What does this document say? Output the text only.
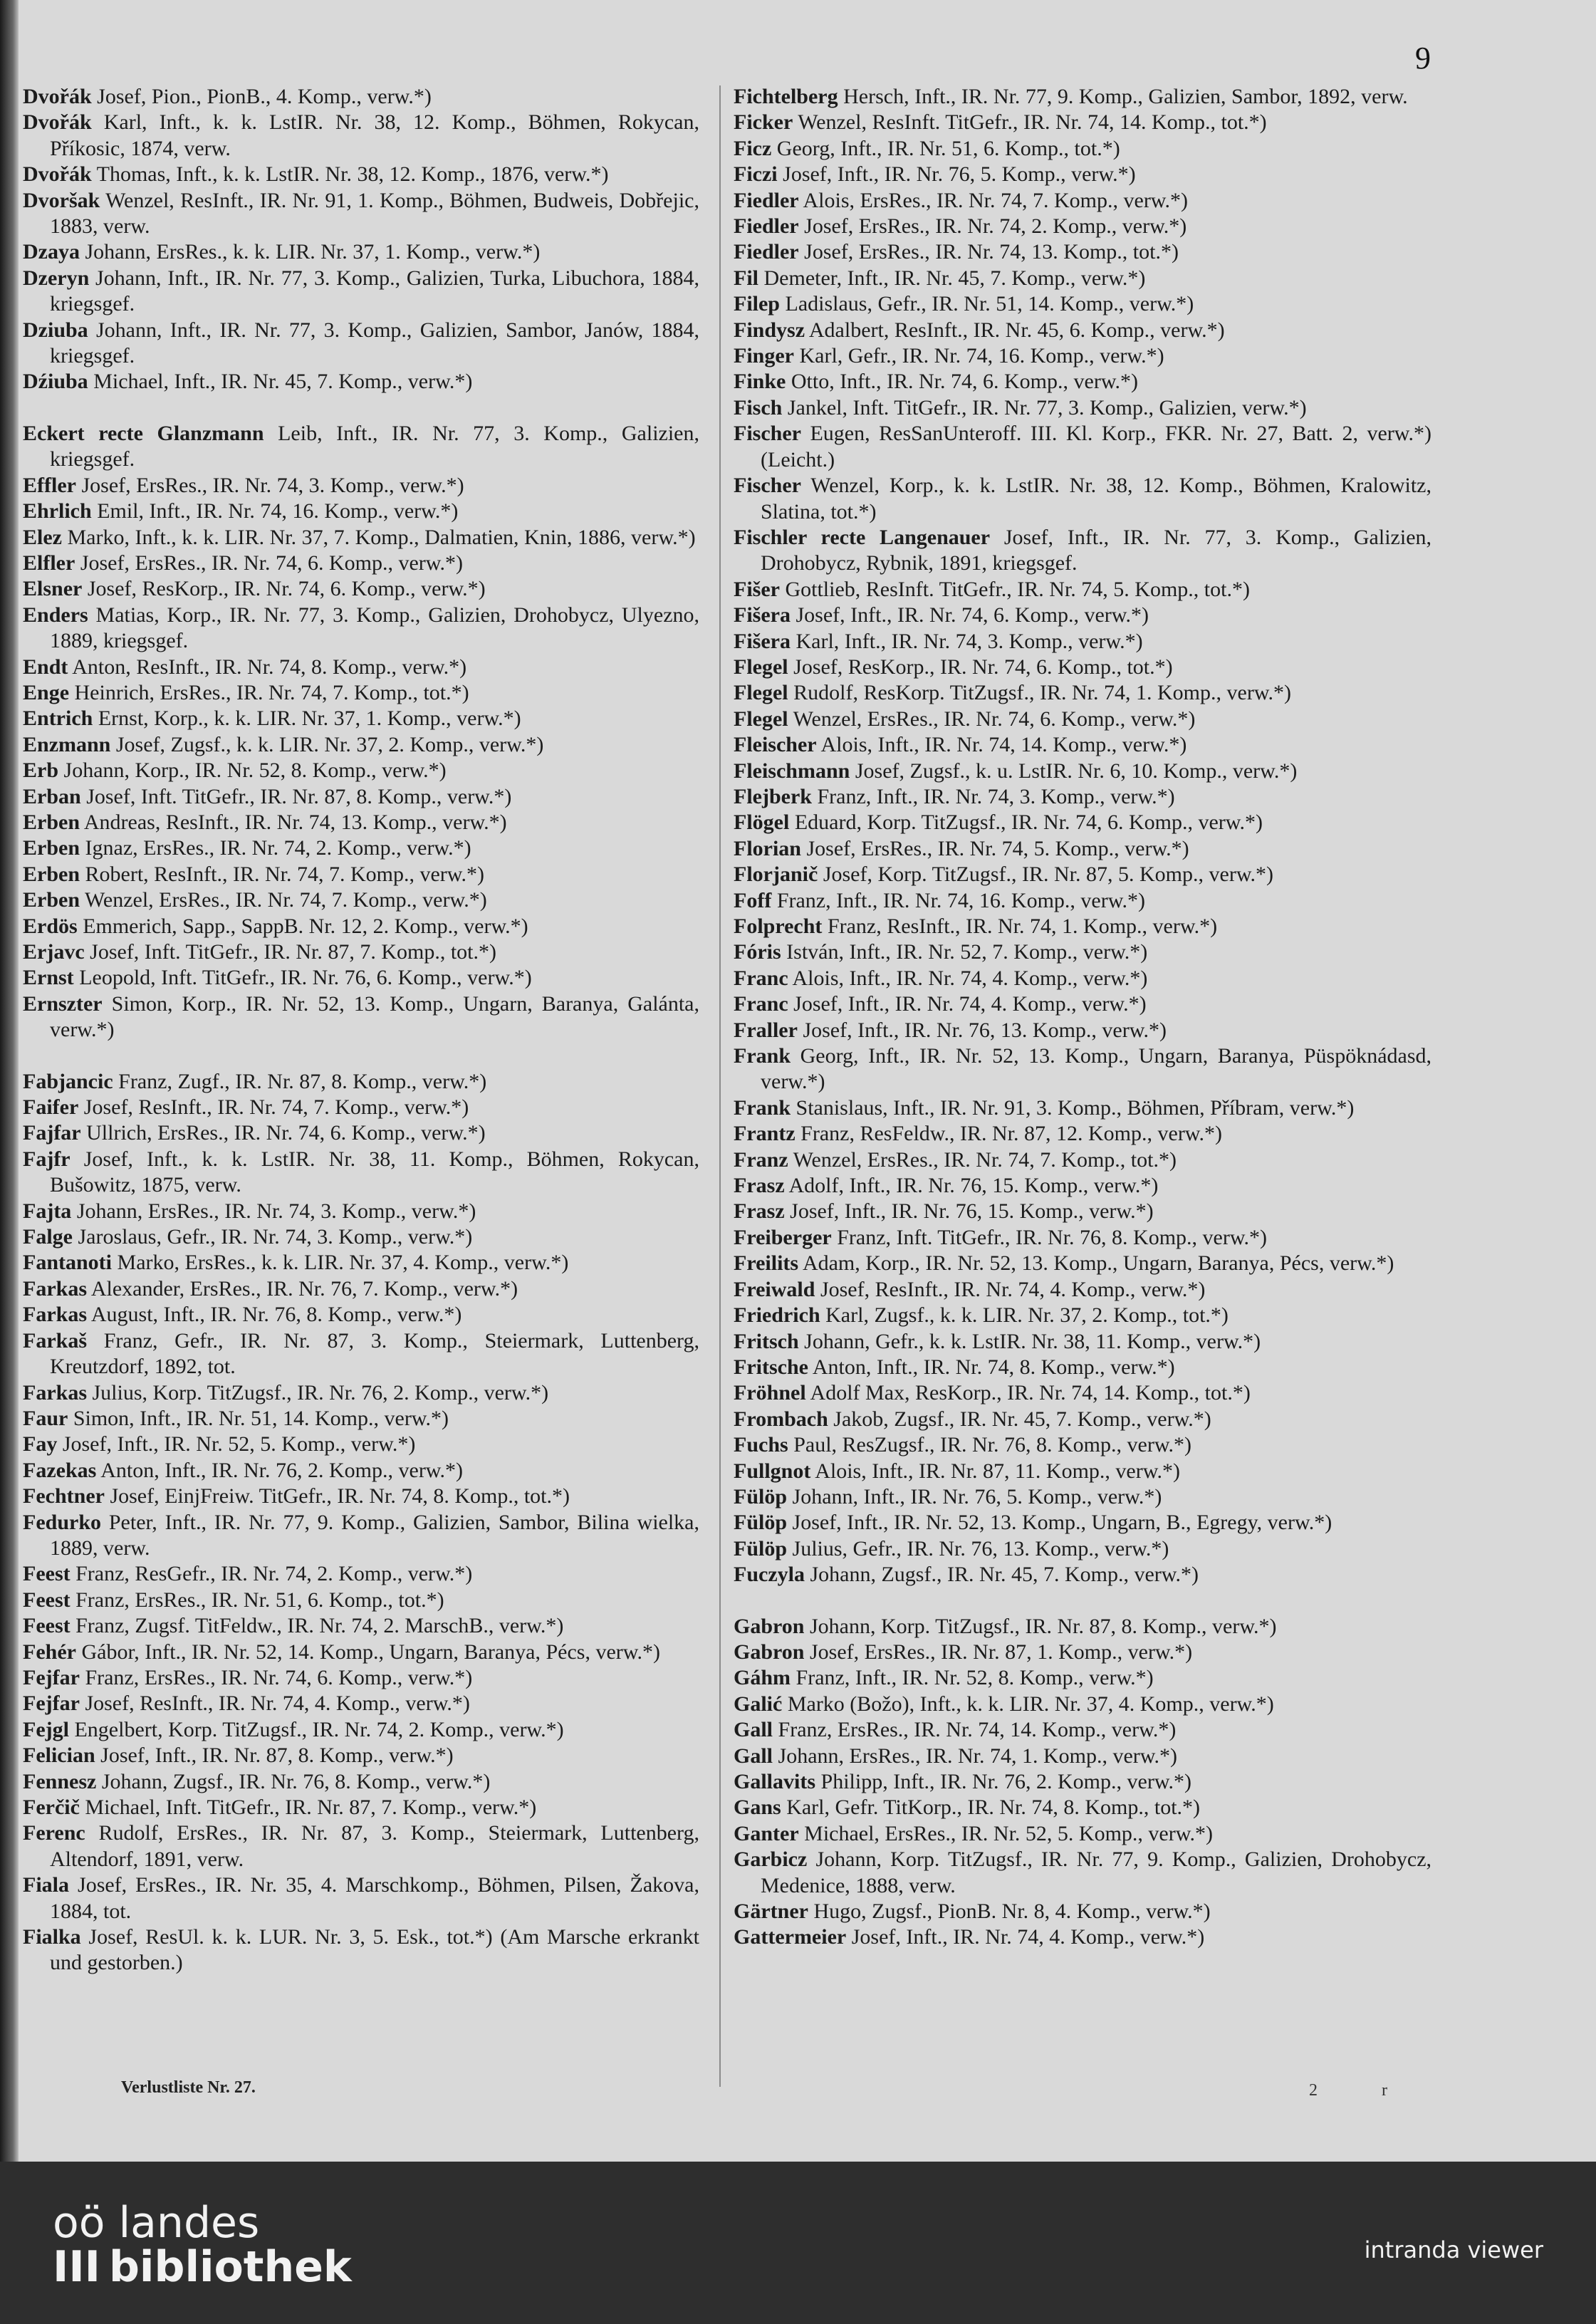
9
Dvořák Josef, Pion., PionB., 4. Komp., verw.*)
Dvořák Karl, Inft., k. k. LstIR. Nr. 38, 12. Komp., Böhmen, Rokycan, Příkosic, 1874, verw.
Dvořák Thomas, Inft., k. k. LstIR. Nr. 38, 12. Komp., 1876, verw.*)
Dvoršak Wenzel, ResInft., IR. Nr. 91, 1. Komp., Böhmen, Budweis, Dobřejic, 1883, verw.
Dzaya Johann, ErsRes., k. k. LIR. Nr. 37, 1. Komp., verw.*)
Dzeryn Johann, Inft., IR. Nr. 77, 3. Komp., Galizien, Turka, Libuchora, 1884, kriegsgef.
Dziuba Johann, Inft., IR. Nr. 77, 3. Komp., Galizien, Sambor, Janów, 1884, kriegsgef.
Dźiuba Michael, Inft., IR. Nr. 45, 7. Komp., verw.*)
Eckert recte Glanzmann Leib, Inft., IR. Nr. 77, 3. Komp., Galizien, kriegsgef.
Effler Josef, ErsRes., IR. Nr. 74, 3. Komp., verw.*)
Ehrlich Emil, Inft., IR. Nr. 74, 16. Komp., verw.*)
Elez Marko, Inft., k. k. LIR. Nr. 37, 7. Komp., Dalmatien, Knin, 1886, verw.*)
Elfler Josef, ErsRes., IR. Nr. 74, 6. Komp., verw.*)
Elsner Josef, ResKorp., IR. Nr. 74, 6. Komp., verw.*)
Enders Matias, Korp., IR. Nr. 77, 3. Komp., Galizien, Drohobycz, Ulyezno, 1889, kriegsgef.
Endt Anton, ResInft., IR. Nr. 74, 8. Komp., verw.*)
Enge Heinrich, ErsRes., IR. Nr. 74, 7. Komp., tot.*)
Entrich Ernst, Korp., k. k. LIR. Nr. 37, 1. Komp., verw.*)
Enzmann Josef, Zugsf., k. k. LIR. Nr. 37, 2. Komp., verw.*)
Erb Johann, Korp., IR. Nr. 52, 8. Komp., verw.*)
Erban Josef, Inft. TitGefr., IR. Nr. 87, 8. Komp., verw.*)
Erben Andreas, ResInft., IR. Nr. 74, 13. Komp., verw.*)
Erben Ignaz, ErsRes., IR. Nr. 74, 2. Komp., verw.*)
Erben Robert, ResInft., IR. Nr. 74, 7. Komp., verw.*)
Erben Wenzel, ErsRes., IR. Nr. 74, 7. Komp., verw.*)
Erdös Emmerich, Sapp., SappB. Nr. 12, 2. Komp., verw.*)
Erjavc Josef, Inft. TitGefr., IR. Nr. 87, 7. Komp., tot.*)
Ernst Leopold, Inft. TitGefr., IR. Nr. 76, 6. Komp., verw.*)
Ernszter Simon, Korp., IR. Nr. 52, 13. Komp., Ungarn, Baranya, Galánta, verw.*)
Fabjancic Franz, Zugf., IR. Nr. 87, 8. Komp., verw.*)
Faifer Josef, ResInft., IR. Nr. 74, 7. Komp., verw.*)
Fajfar Ullrich, ErsRes., IR. Nr. 74, 6. Komp., verw.*)
Fajfr Josef, Inft., k. k. LstIR. Nr. 38, 11. Komp., Böhmen, Rokycan, Bušowitz, 1875, verw.
Fajta Johann, ErsRes., IR. Nr. 74, 3. Komp., verw.*)
Falge Jaroslaus, Gefr., IR. Nr. 74, 3. Komp., verw.*)
Fantanoti Marko, ErsRes., k. k. LIR. Nr. 37, 4. Komp., verw.*)
Farkas Alexander, ErsRes., IR. Nr. 76, 7. Komp., verw.*)
Farkas August, Inft., IR. Nr. 76, 8. Komp., verw.*)
Farkaš Franz, Gefr., IR. Nr. 87, 3. Komp., Steiermark, Luttenberg, Kreutzdorf, 1892, tot.
Farkas Julius, Korp. TitZugsf., IR. Nr. 76, 2. Komp., verw.*)
Faur Simon, Inft., IR. Nr. 51, 14. Komp., verw.*)
Fay Josef, Inft., IR. Nr. 52, 5. Komp., verw.*)
Fazekas Anton, Inft., IR. Nr. 76, 2. Komp., verw.*)
Fechtner Josef, EinjFreiw. TitGefr., IR. Nr. 74, 8. Komp., tot.*)
Fedurko Peter, Inft., IR. Nr. 77, 9. Komp., Galizien, Sambor, Bilina wielka, 1889, verw.
Feest Franz, ResGefr., IR. Nr. 74, 2. Komp., verw.*)
Feest Franz, ErsRes., IR. Nr. 51, 6. Komp., tot.*)
Feest Franz, Zugsf. TitFeldw., IR. Nr. 74, 2. MarschB., verw.*)
Fehér Gábor, Inft., IR. Nr. 52, 14. Komp., Ungarn, Baranya, Pécs, verw.*)
Fejfar Franz, ErsRes., IR. Nr. 74, 6. Komp., verw.*)
Fejfar Josef, ResInft., IR. Nr. 74, 4. Komp., verw.*)
Fejgl Engelbert, Korp. TitZugsf., IR. Nr. 74, 2. Komp., verw.*)
Felician Josef, Inft., IR. Nr. 87, 8. Komp., verw.*)
Fennesz Johann, Zugsf., IR. Nr. 76, 8. Komp., verw.*)
Ferčič Michael, Inft. TitGefr., IR. Nr. 87, 7. Komp., verw.*)
Ferenc Rudolf, ErsRes., IR. Nr. 87, 3. Komp., Steiermark, Luttenberg, Altendorf, 1891, verw.
Fiala Josef, ErsRes., IR. Nr. 35, 4. Marschkomp., Böhmen, Pilsen, Žakova, 1884, tot.
Fialka Josef, ResUl. k. k. LUR. Nr. 3, 5. Esk., tot.*) (Am Marsche erkrankt und gestorben.)
Fichtelberg Hersch, Inft., IR. Nr. 77, 9. Komp., Galizien, Sambor, 1892, verw.
Ficker Wenzel, ResInft. TitGefr., IR. Nr. 74, 14. Komp., tot.*)
Ficz Georg, Inft., IR. Nr. 51, 6. Komp., tot.*)
Ficzi Josef, Inft., IR. Nr. 76, 5. Komp., verw.*)
Fiedler Alois, ErsRes., IR. Nr. 74, 7. Komp., verw.*)
Fiedler Josef, ErsRes., IR. Nr. 74, 2. Komp., verw.*)
Fiedler Josef, ErsRes., IR. Nr. 74, 13. Komp., tot.*)
Fil Demeter, Inft., IR. Nr. 45, 7. Komp., verw.*)
Filep Ladislaus, Gefr., IR. Nr. 51, 14. Komp., verw.*)
Findysz Adalbert, ResInft., IR. Nr. 45, 6. Komp., verw.*)
Finger Karl, Gefr., IR. Nr. 74, 16. Komp., verw.*)
Finke Otto, Inft., IR. Nr. 74, 6. Komp., verw.*)
Fisch Jankel, Inft. TitGefr., IR. Nr. 77, 3. Komp., Galizien, verw.*)
Fischer Eugen, ResSanUnteroff. III. Kl. Korp., FKR. Nr. 27, Batt. 2, verw.*) (Leicht.)
Fischer Wenzel, Korp., k. k. LstIR. Nr. 38, 12. Komp., Böhmen, Kralowitz, Slatina, tot.*)
Fischler recte Langenauer Josef, Inft., IR. Nr. 77, 3. Komp., Galizien, Drohobycz, Rybnik, 1891, kriegsgef.
Fišer Gottlieb, ResInft. TitGefr., IR. Nr. 74, 5. Komp., tot.*)
Fišera Josef, Inft., IR. Nr. 74, 6. Komp., verw.*)
Fišera Karl, Inft., IR. Nr. 74, 3. Komp., verw.*)
Flegel Josef, ResKorp., IR. Nr. 74, 6. Komp., tot.*)
Flegel Rudolf, ResKorp. TitZugsf., IR. Nr. 74, 1. Komp., verw.*)
Flegel Wenzel, ErsRes., IR. Nr. 74, 6. Komp., verw.*)
Fleischer Alois, Inft., IR. Nr. 74, 14. Komp., verw.*)
Fleischmann Josef, Zugsf., k. u. LstIR. Nr. 6, 10. Komp., verw.*)
Flejberk Franz, Inft., IR. Nr. 74, 3. Komp., verw.*)
Flögel Eduard, Korp. TitZugsf., IR. Nr. 74, 6. Komp., verw.*)
Florian Josef, ErsRes., IR. Nr. 74, 5. Komp., verw.*)
Florjanič Josef, Korp. TitZugsf., IR. Nr. 87, 5. Komp., verw.*)
Foff Franz, Inft., IR. Nr. 74, 16. Komp., verw.*)
Folprecht Franz, ResInft., IR. Nr. 74, 1. Komp., verw.*)
Fóris István, Inft., IR. Nr. 52, 7. Komp., verw.*)
Franc Alois, Inft., IR. Nr. 74, 4. Komp., verw.*)
Franc Josef, Inft., IR. Nr. 74, 4. Komp., verw.*)
Fraller Josef, Inft., IR. Nr. 76, 13. Komp., verw.*)
Frank Georg, Inft., IR. Nr. 52, 13. Komp., Ungarn, Baranya, Püspöknádasd, verw.*)
Frank Stanislaus, Inft., IR. Nr. 91, 3. Komp., Böhmen, Příbram, verw.*)
Frantz Franz, ResFeldw., IR. Nr. 87, 12. Komp., verw.*)
Franz Wenzel, ErsRes., IR. Nr. 74, 7. Komp., tot.*)
Frasz Adolf, Inft., IR. Nr. 76, 15. Komp., verw.*)
Frasz Josef, Inft., IR. Nr. 76, 15. Komp., verw.*)
Freiberger Franz, Inft. TitGefr., IR. Nr. 76, 8. Komp., verw.*)
Freilits Adam, Korp., IR. Nr. 52, 13. Komp., Ungarn, Baranya, Pécs, verw.*)
Freiwald Josef, ResInft., IR. Nr. 74, 4. Komp., verw.*)
Friedrich Karl, Zugsf., k. k. LIR. Nr. 37, 2. Komp., tot.*)
Fritsch Johann, Gefr., k. k. LstIR. Nr. 38, 11. Komp., verw.*)
Fritsche Anton, Inft., IR. Nr. 74, 8. Komp., verw.*)
Fröhnel Adolf Max, ResKorp., IR. Nr. 74, 14. Komp., tot.*)
Frombach Jakob, Zugsf., IR. Nr. 45, 7. Komp., verw.*)
Fuchs Paul, ResZugsf., IR. Nr. 76, 8. Komp., verw.*)
Fullgnot Alois, Inft., IR. Nr. 87, 11. Komp., verw.*)
Fülöp Johann, Inft., IR. Nr. 76, 5. Komp., verw.*)
Fülöp Josef, Inft., IR. Nr. 52, 13. Komp., Ungarn, B., Egregy, verw.*)
Fülöp Julius, Gefr., IR. Nr. 76, 13. Komp., verw.*)
Fuczyla Johann, Zugsf., IR. Nr. 45, 7. Komp., verw.*)
Gabron Johann, Korp. TitZugsf., IR. Nr. 87, 8. Komp., verw.*)
Gabron Josef, ErsRes., IR. Nr. 87, 1. Komp., verw.*)
Gáhm Franz, Inft., IR. Nr. 52, 8. Komp., verw.*)
Galić Marko (Božo), Inft., k. k. LIR. Nr. 37, 4. Komp., verw.*)
Gall Franz, ErsRes., IR. Nr. 74, 14. Komp., verw.*)
Gall Johann, ErsRes., IR. Nr. 74, 1. Komp., verw.*)
Gallavits Philipp, Inft., IR. Nr. 76, 2. Komp., verw.*)
Gans Karl, Gefr. TitKorp., IR. Nr. 74, 8. Komp., tot.*)
Ganter Michael, ErsRes., IR. Nr. 52, 5. Komp., verw.*)
Garbicz Johann, Korp. TitZugsf., IR. Nr. 77, 9. Komp., Galizien, Drohobycz, Medenice, 1888, verw.
Gärtner Hugo, Zugsf., PionB. Nr. 8, 4. Komp., verw.*)
Gattermeier Josef, Inft., IR. Nr. 74, 4. Komp., verw.*)
Verlustliste Nr. 27.	2r
oö landes
III bibliothek	intranda viewer
